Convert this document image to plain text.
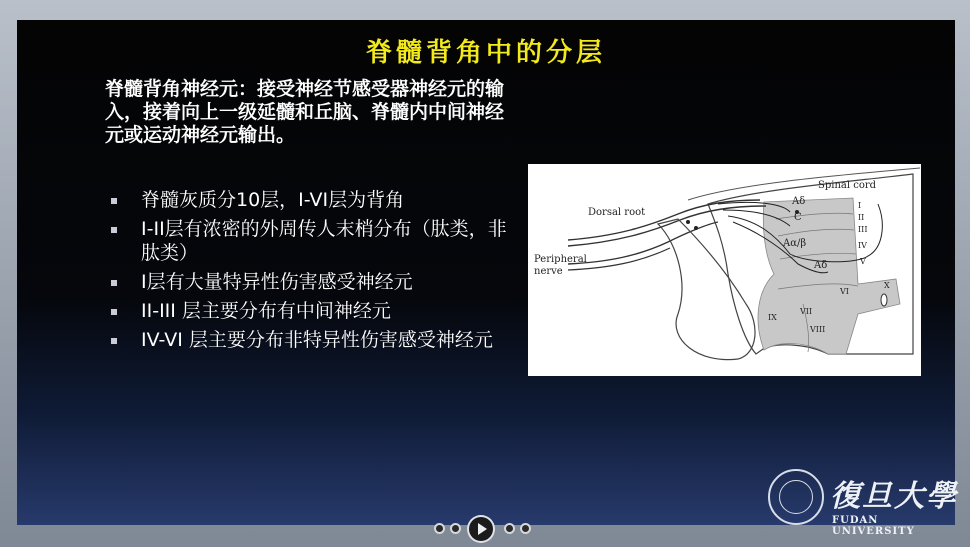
脊髓背角中的分层
脊髓背角神经元：接受神经节感受器神经元的输入，接着向上一级延髓和丘脑、脊髓内中间神经元或运动神经元输出。
脊髓灰质分10层，I-VI层为背角
I-II层有浓密的外周传人末梢分布（肽类，非肽类）
I层有大量特异性伤害感受神经元
II-III 层主要分布有中间神经元
IV-VI 层主要分布非特异性伤害感受神经元
Spinal cord
Dorsal root
Peripheral
nerve
Aδ
C
Aα/β
Aδ
I
II
III
IV
V
VI
VII
VIII
IX
X
復旦大學
FUDAN UNIVERSITY
